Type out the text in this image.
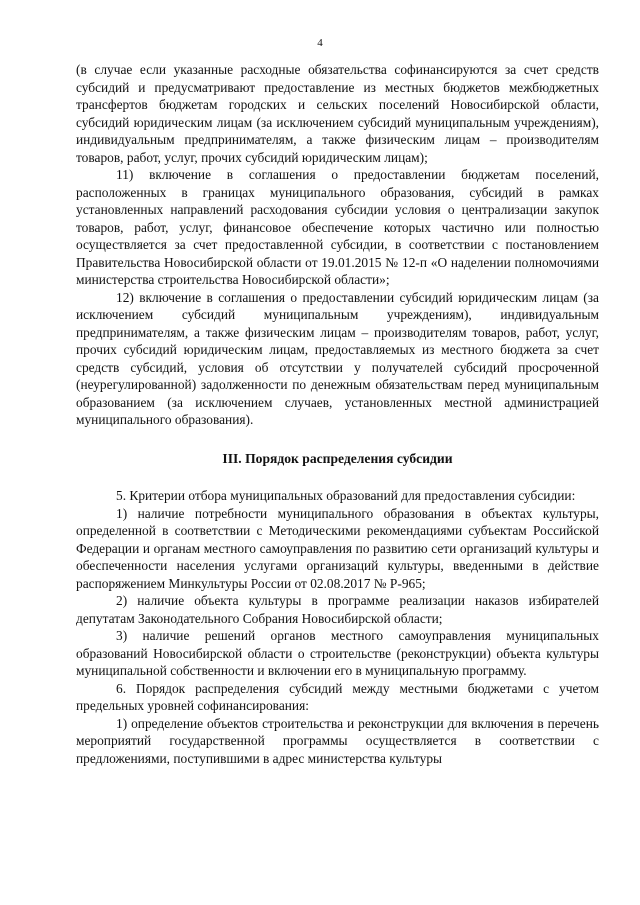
4

(в случае если указанные расходные обязательства софинансируются за счет средств субсидий и предусматривают предоставление из местных бюджетов межбюджетных трансфертов бюджетам городских и сельских поселений Новосибирской области, субсидий юридическим лицам (за исключением субсидий муниципальным учреждениям), индивидуальным предпринимателям, а также физическим лицам – производителям товаров, работ, услуг, прочих субсидий юридическим лицам);

11) включение в соглашения о предоставлении бюджетам поселений, расположенных в границах муниципального образования, субсидий в рамках установленных направлений расходования субсидии условия о централизации закупок товаров, работ, услуг, финансовое обеспечение которых частично или полностью осуществляется за счет предоставленной субсидии, в соответствии с постановлением Правительства Новосибирской области от 19.01.2015 № 12-п «О наделении полномочиями министерства строительства Новосибирской области»;

12) включение в соглашения о предоставлении субсидий юридическим лицам (за исключением субсидий муниципальным учреждениям), индивидуальным предпринимателям, а также физическим лицам – производителям товаров, работ, услуг, прочих субсидий юридическим лицам, предоставляемых из местного бюджета за счет средств субсидий, условия об отсутствии у получателей субсидий просроченной (неурегулированной) задолженности по денежным обязательствам перед муниципальным образованием (за исключением случаев, установленных местной администрацией муниципального образования).

III. Порядок распределения субсидии

5. Критерии отбора муниципальных образований для предоставления субсидии:

1) наличие потребности муниципального образования в объектах культуры, определенной в соответствии с Методическими рекомендациями субъектам Российской Федерации и органам местного самоуправления по развитию сети организаций культуры и обеспеченности населения услугами организаций культуры, введенными в действие распоряжением Минкультуры России от 02.08.2017 № Р-965;

2) наличие объекта культуры в программе реализации наказов избирателей депутатам Законодательного Собрания Новосибирской области;

3) наличие решений органов местного самоуправления муниципальных образований Новосибирской области о строительстве (реконструкции) объекта культуры муниципальной собственности и включении его в муниципальную программу.

6. Порядок распределения субсидий между местными бюджетами с учетом предельных уровней софинансирования:

1) определение объектов строительства и реконструкции для включения в перечень мероприятий государственной программы осуществляется в соответствии с предложениями, поступившими в адрес министерства культуры
